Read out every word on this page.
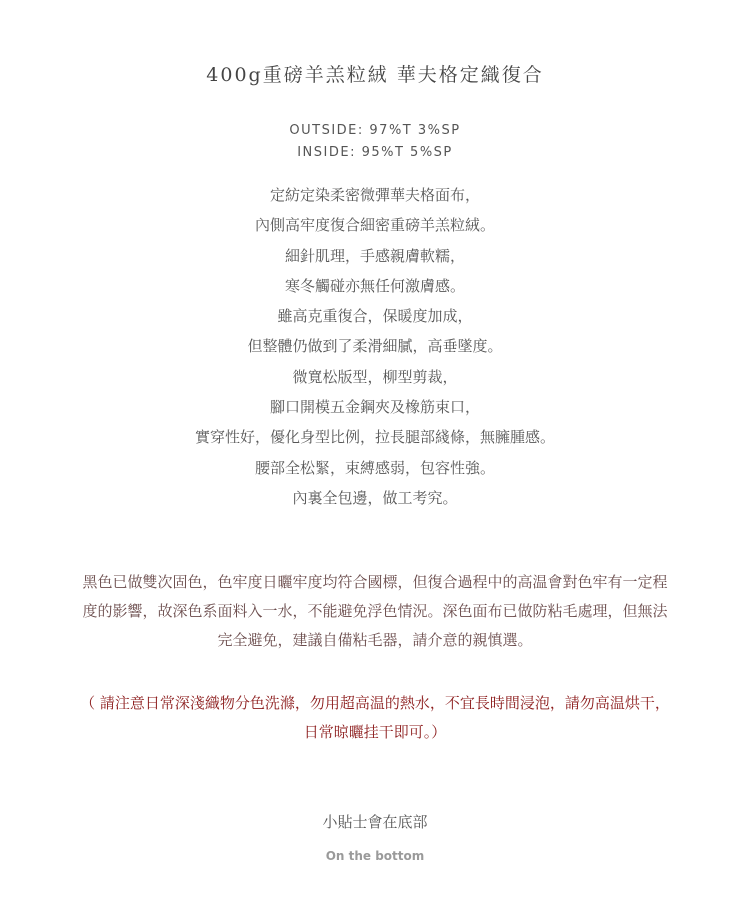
400g重磅羊羔粒絨 華夫格定織復合
OUTSIDE: 97%T 3%SP
INSIDE: 95%T 5%SP
定紡定染柔密微彈華夫格面布，
內側高牢度復合細密重磅羊羔粒絨。
細針肌理，手感親膚軟糯，
寒冬觸碰亦無任何激膚感。
雖高克重復合，保暖度加成，
但整體仍做到了柔滑細膩，高垂墜度。
微寬松版型，柳型剪裁，
腳口開模五金鋼夾及橡筋束口，
實穿性好，優化身型比例，拉長腿部綫條，無臃腫感。
腰部全松緊，束縛感弱，包容性強。
內裏全包邊，做工考究。
黑色已做雙次固色，色牢度日曬牢度均符合國標，但復合過程中的高温會對色牢有一定程
度的影響，故深色系面料入一水，不能避免浮色情況。深色面布已做防粘毛處理，但無法
完全避免，建議自備粘毛器，請介意的親慎選。
（ 請注意日常深淺織物分色洗滌，勿用超高温的熱水，不宜長時間浸泡，請勿高温烘干，
日常晾曬挂干即可。）
小貼士會在底部
On the bottom
